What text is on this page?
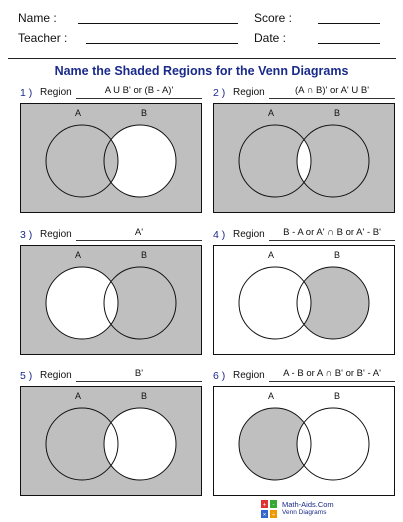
Name :	Score :
Teacher :	Date :
Name the Shaded Regions for the Venn Diagrams
1 ) Region	A U B' or (B - A)'
A	B
2 ) Region	(A ∩ B)' or A' U B'
A	B
3 ) Region	A'
A	B
4 ) Region	B - A or A' ∩ B or A' - B'
A	B
5 ) Region	B'
A	B
6 ) Region	A - B or A ∩ B' or B' - A'
A	B
+ -
× ÷
Math-Aids.Com
Venn Diagrams
